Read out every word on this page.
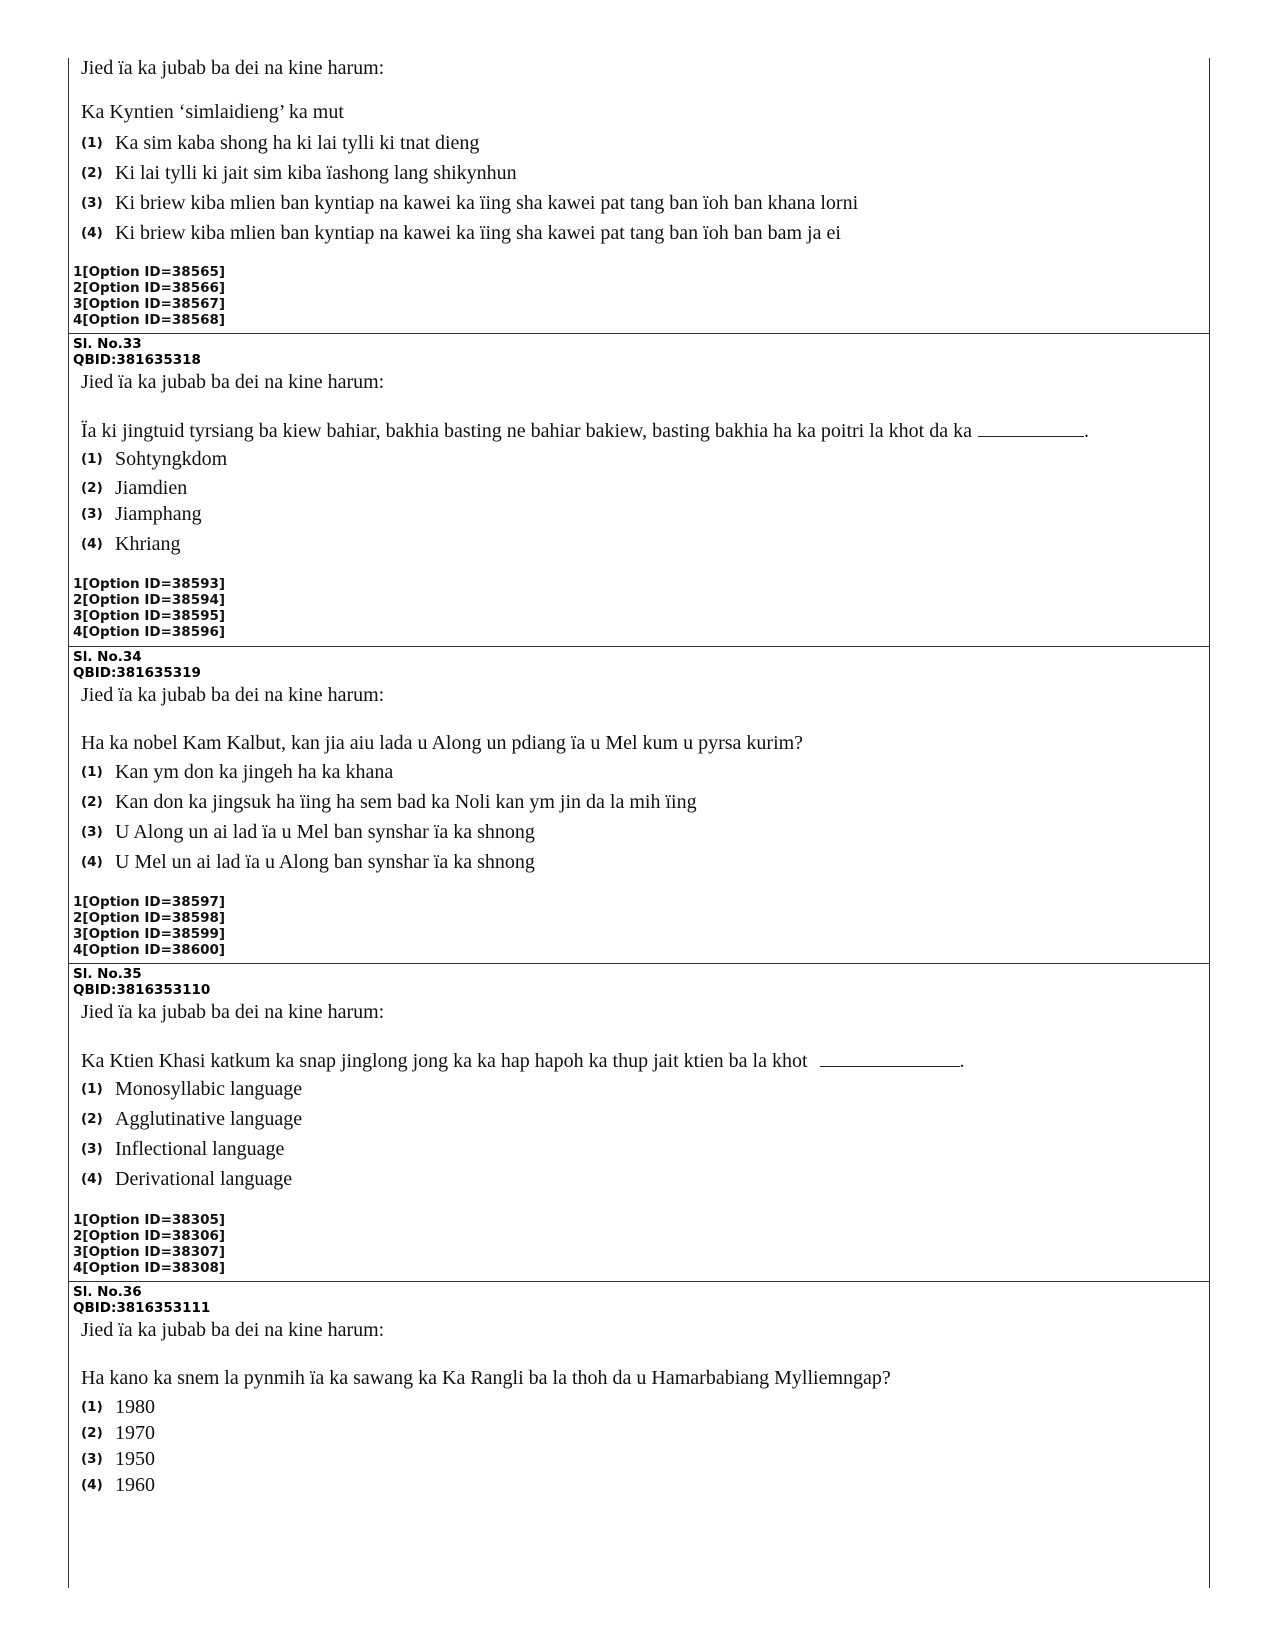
Jied ïa ka jubab ba dei na kine harum:
Ka Kyntien ‘simlaidieng’ ka mut
(1) Ka sim kaba shong ha ki lai tylli ki tnat dieng
(2) Ki lai tylli ki jait sim kiba ïashong lang shikynhun
(3) Ki briew kiba mlien ban kyntiap na kawei ka ïing sha kawei pat tang ban ïoh ban khana lorni
(4) Ki briew kiba mlien ban kyntiap na kawei ka ïing sha kawei pat tang ban ïoh ban bam ja ei
1[Option ID=38565]
2[Option ID=38566]
3[Option ID=38567]
4[Option ID=38568]
Sl. No.33
QBID:381635318
Jied ïa ka jubab ba dei na kine harum:
Ïa ki jingtuid tyrsiang ba kiew bahiar, bakhia basting ne bahiar bakiew, basting bakhia ha ka poitri la khot da ka	.
(1) Sohtyngkdom
(2) Jiamdien
(3) Jiamphang
(4) Khriang
1[Option ID=38593]
2[Option ID=38594]
3[Option ID=38595]
4[Option ID=38596]
Sl. No.34
QBID:381635319
Jied ïa ka jubab ba dei na kine harum:
Ha ka nobel Kam Kalbut, kan jia aiu lada u Along un pdiang ïa u Mel kum u pyrsa kurim?
(1) Kan ym don ka jingeh ha ka khana
(2) Kan don ka jingsuk ha ïing ha sem bad ka Noli kan ym jin da la mih ïing
(3) U Along un ai lad ïa u Mel ban synshar ïa ka shnong
(4) U Mel un ai lad ïa u Along ban synshar ïa ka shnong
1[Option ID=38597]
2[Option ID=38598]
3[Option ID=38599]
4[Option ID=38600]
Sl. No.35
QBID:3816353110
Jied ïa ka jubab ba dei na kine harum:
Ka Ktien Khasi katkum ka snap jinglong jong ka ka hap hapoh ka thup jait ktien ba la khot	.
(1) Monosyllabic language
(2) Agglutinative language
(3) Inflectional language
(4) Derivational language
1[Option ID=38305]
2[Option ID=38306]
3[Option ID=38307]
4[Option ID=38308]
Sl. No.36
QBID:3816353111
Jied ïa ka jubab ba dei na kine harum:
Ha kano ka snem la pynmih ïa ka sawang ka Ka Rangli ba la thoh da u Hamarbabiang Mylliemngap?
(1) 1980
(2) 1970
(3) 1950
(4) 1960
